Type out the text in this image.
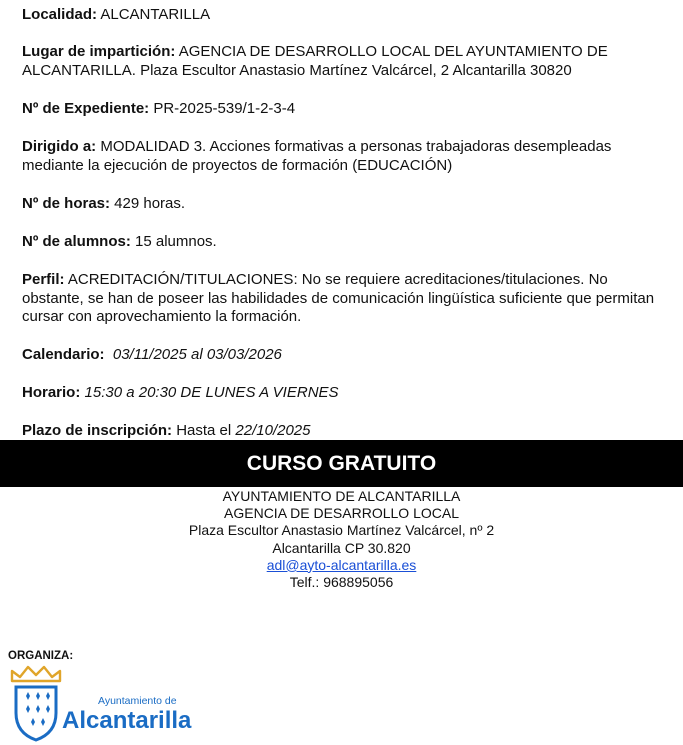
Localidad: ALCANTARILLA
Lugar de impartición: AGENCIA DE DESARROLLO LOCAL DEL AYUNTAMIENTO DE ALCANTARILLA. Plaza Escultor Anastasio Martínez Valcárcel, 2 Alcantarilla 30820
Nº de Expediente: PR-2025-539/1-2-3-4
Dirigido a: MODALIDAD 3. Acciones formativas a personas trabajadoras desempleadas mediante la ejecución de proyectos de formación (EDUCACIÓN)
Nº de horas: 429 horas.
Nº de alumnos: 15 alumnos.
Perfil: ACREDITACIÓN/TITULACIONES: No se requiere acreditaciones/titulaciones. No obstante, se han de poseer las habilidades de comunicación lingüística suficiente que permitan cursar con aprovechamiento la formación.
Calendario: 03/11/2025 al 03/03/2026
Horario: 15:30 a 20:30 DE LUNES A VIERNES
Plazo de inscripción: Hasta el 22/10/2025
CURSO GRATUITO
AYUNTAMIENTO DE ALCANTARILLA
AGENCIA DE DESARROLLO LOCAL
Plaza Escultor Anastasio Martínez Valcárcel, nº 2
Alcantarilla CP 30.820
adl@ayto-alcantarilla.es
Telf.: 968895056
ORGANIZA:
Ayuntamiento de
Alcantarilla
